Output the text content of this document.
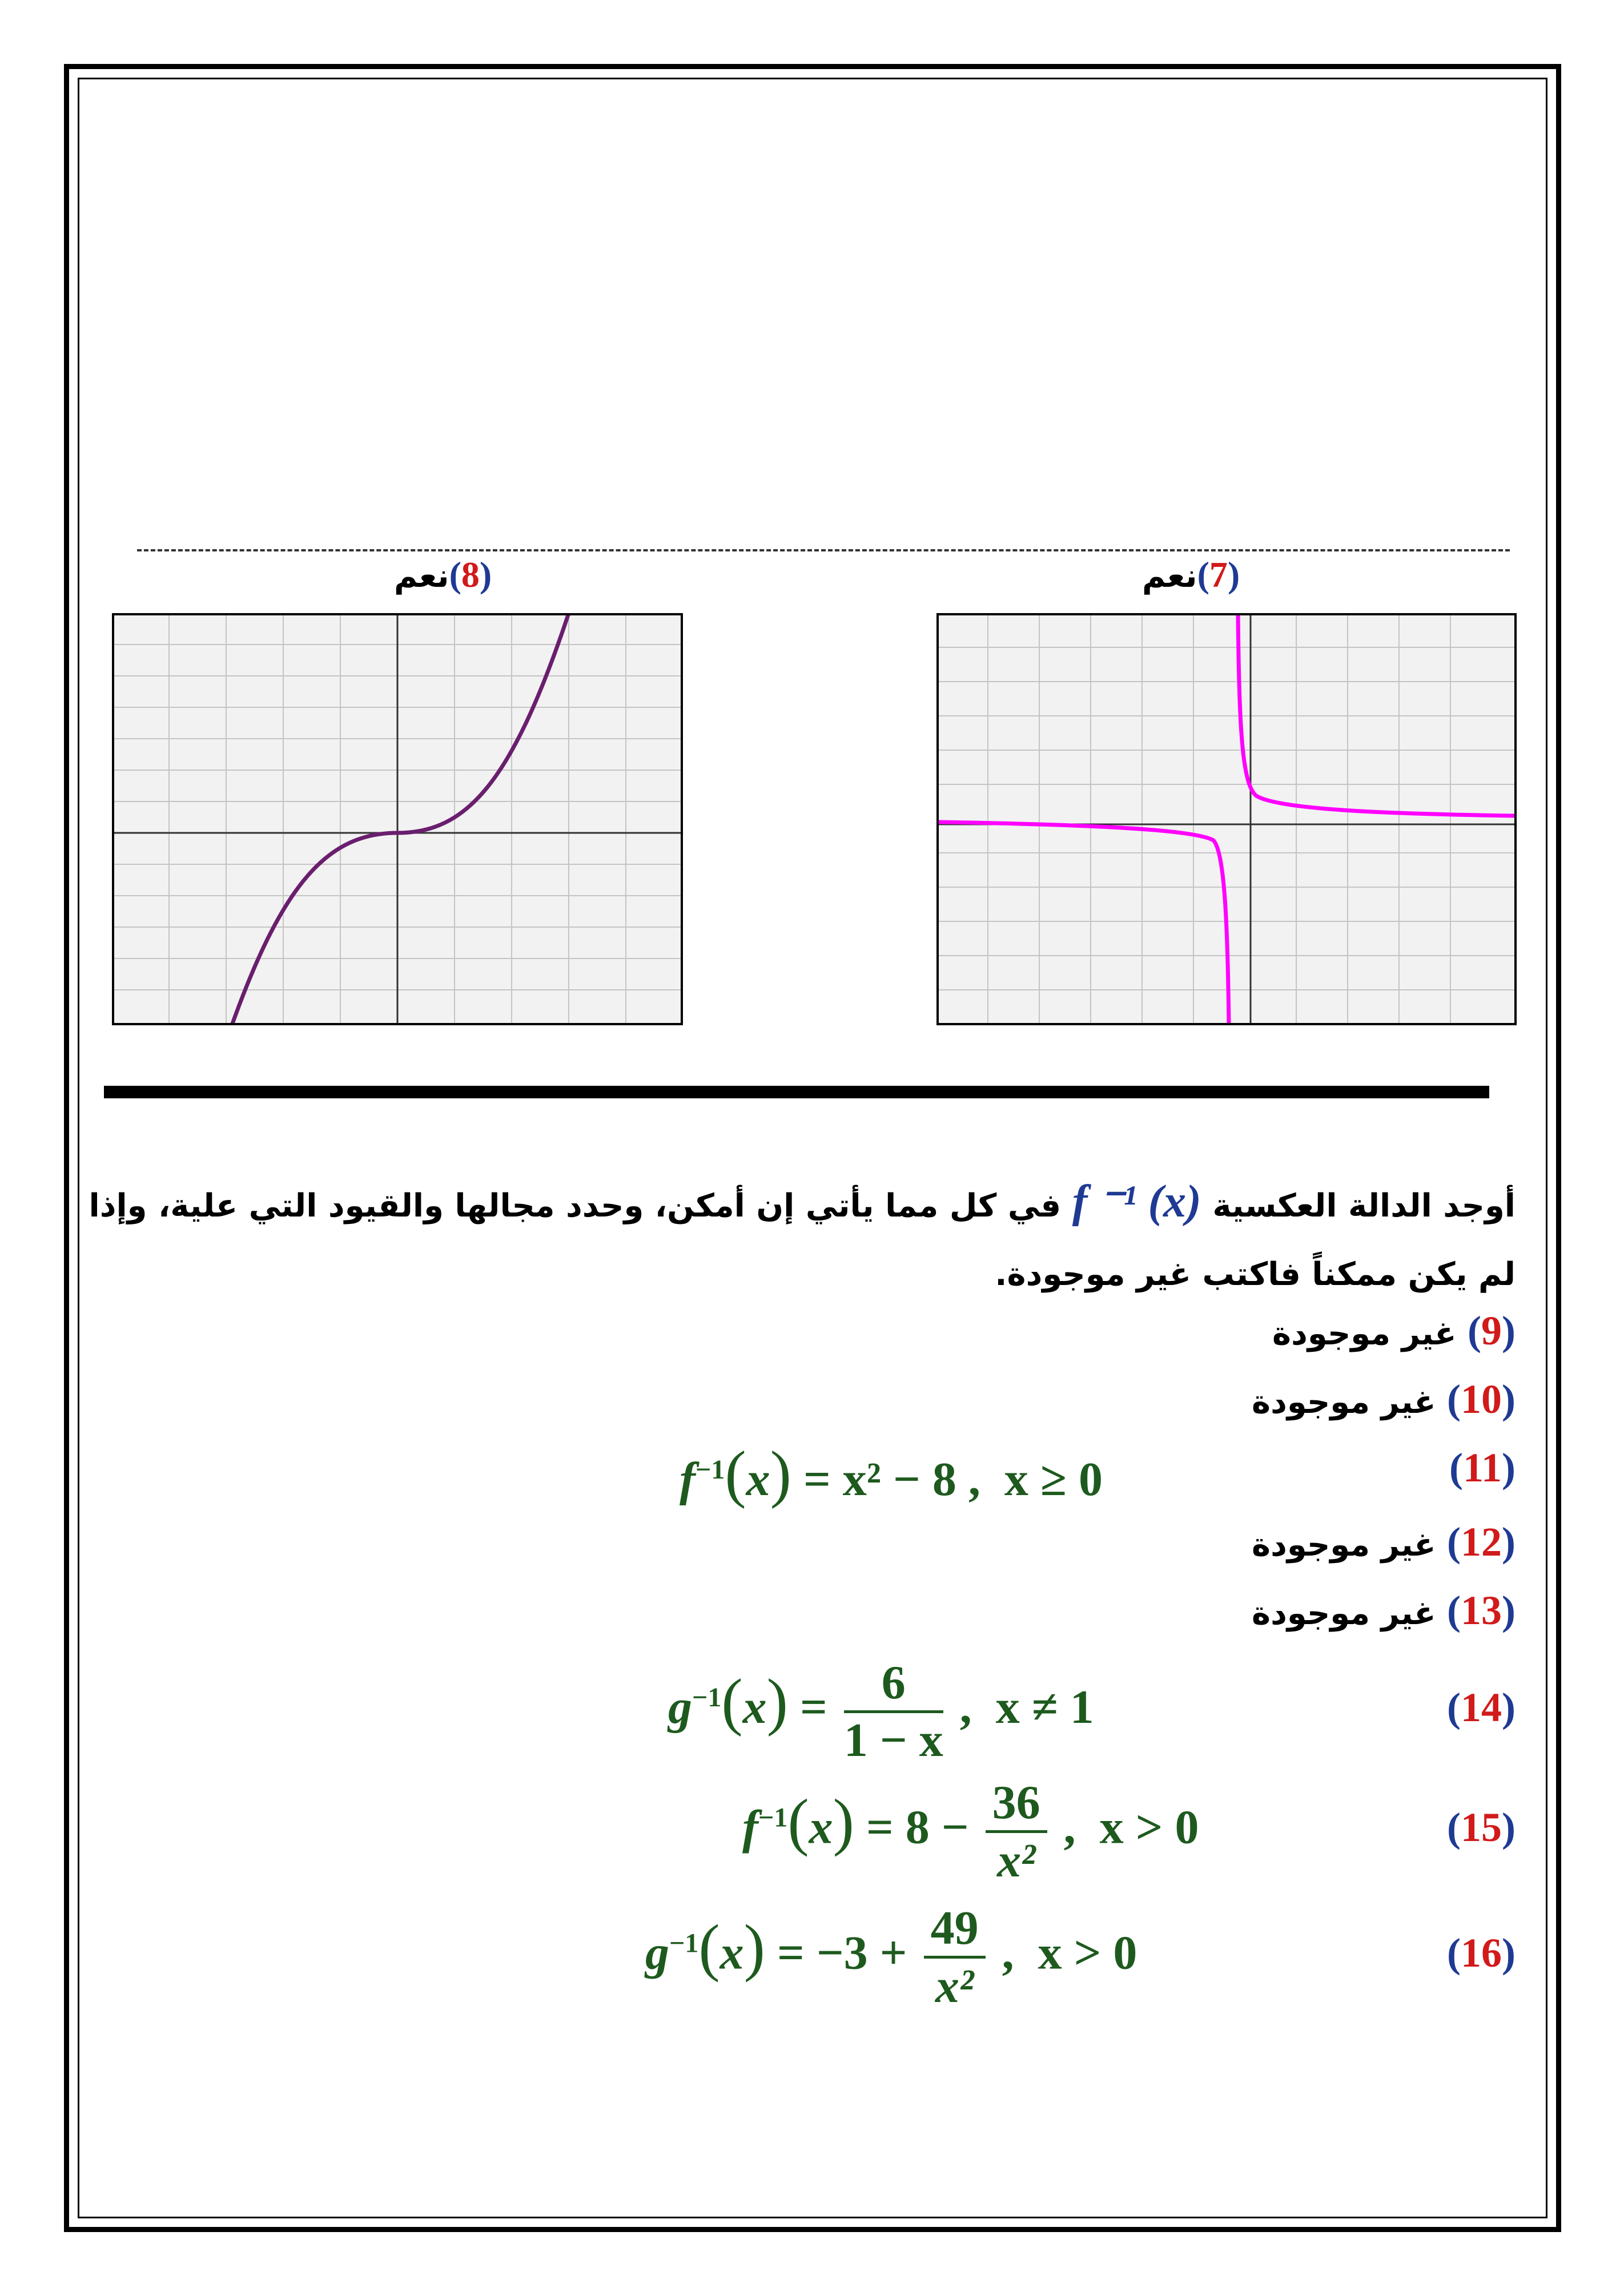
(8)نعم	(7)نعم
أوجد الدالة العكسية f ⁻¹ (x) في كل مما يأتي إن أمكن، وحدد مجالها والقيود التي علية، وإذا لم يكن ممكناً فاكتب غير موجودة.
(9) غير موجودة
(10) غير موجودة
(11)
$f^{-1}(x) = x^2 - 8$ , x ≥ 0
(12) غير موجودة
(13) غير موجودة
(14)
$g^{-1}(x) = \frac{6}{1 - x}$ , x ≠ 1
(15)
$f^{-1}(x) = 8 - \frac{36}{\text{x²}}$ , x > 0
(16)
$g^{-1}(x) = -3 + \frac{49}{\text{x²}}$ , x > 0
